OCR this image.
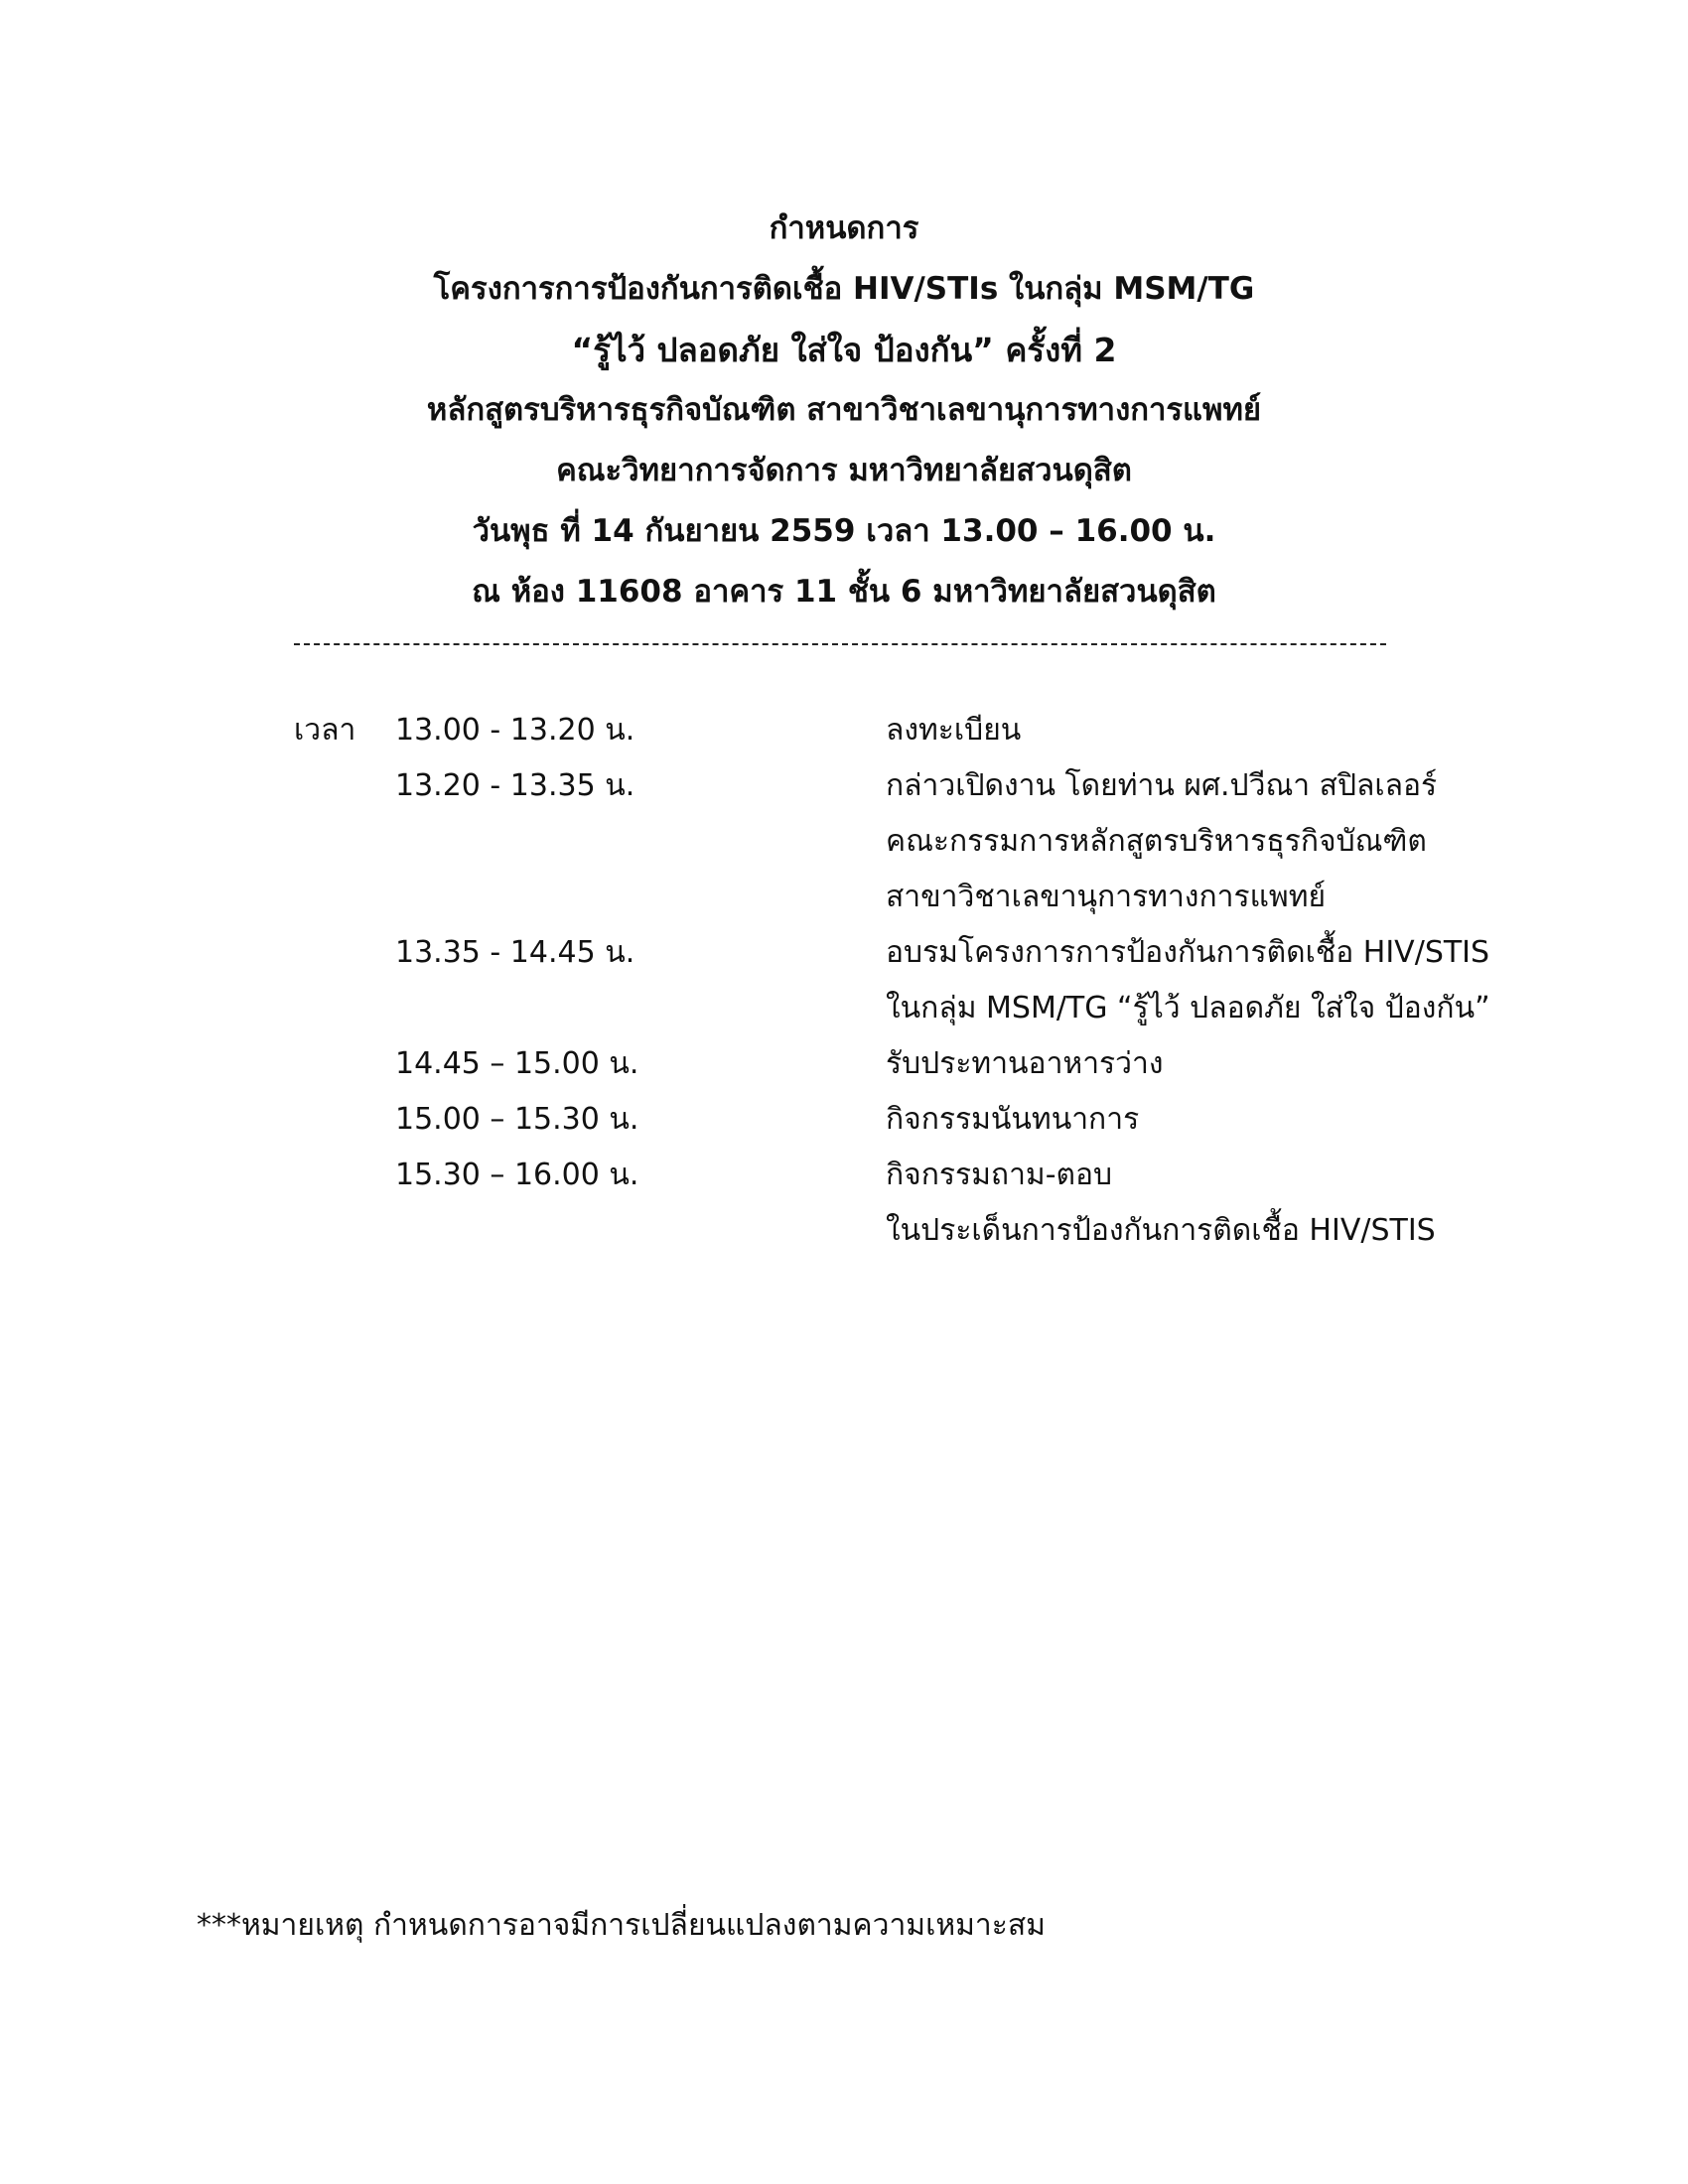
กำหนดการ
โครงการการป้องกันการติดเชื้อ HIV/STIs ในกลุ่ม MSM/TG
“รู้ไว้ ปลอดภัย ใส่ใจ ป้องกัน” ครั้งที่ 2
หลักสูตรบริหารธุรกิจบัณฑิต สาขาวิชาเลขานุการทางการแพทย์
คณะวิทยาการจัดการ มหาวิทยาลัยสวนดุสิต
วันพุธ ที่ 14 กันยายน 2559 เวลา 13.00 – 16.00 น.
ณ ห้อง 11608 อาคาร 11 ชั้น 6 มหาวิทยาลัยสวนดุสิต
เวลา 13.00 - 13.20 น.	ลงทะเบียน
13.20 - 13.35 น.	กล่าวเปิดงาน โดยท่าน ผศ.ปวีณา สปิลเลอร์
คณะกรรมการหลักสูตรบริหารธุรกิจบัณฑิต
สาขาวิชาเลขานุการทางการแพทย์
13.35 - 14.45 น.	อบรมโครงการการป้องกันการติดเชื้อ HIV/STIS
ในกลุ่ม MSM/TG “รู้ไว้ ปลอดภัย ใส่ใจ ป้องกัน”
14.45 – 15.00 น.	รับประทานอาหารว่าง
15.00 – 15.30 น.	กิจกรรมนันทนาการ
15.30 – 16.00 น.	กิจกรรมถาม-ตอบ
ในประเด็นการป้องกันการติดเชื้อ HIV/STIS
***หมายเหตุ กำหนดการอาจมีการเปลี่ยนแปลงตามความเหมาะสม
